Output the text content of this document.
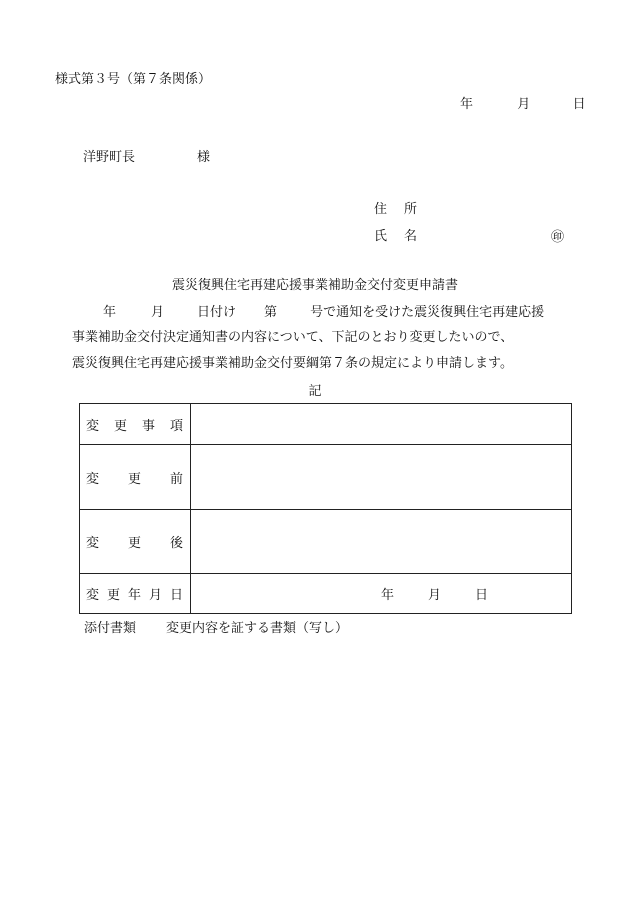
様式第３号（第７条関係）
年	月	日
洋野町長	様
住　所
氏　名	㊞
震災復興住宅再建応援事業補助金交付変更申請書
年	月	日付け 第	号で通知を受けた震災復興住宅再建応援
事業補助金交付決定通知書の内容について、下記のとおり変更したいので、
震災復興住宅再建応援事業補助金交付要綱第７条の規定により申請します。
記
変 更 事 項	

変 更 前	

変 更 後	

変 更 年 月 日	年 月 日
添付書類 変更内容を証する書類（写し）
